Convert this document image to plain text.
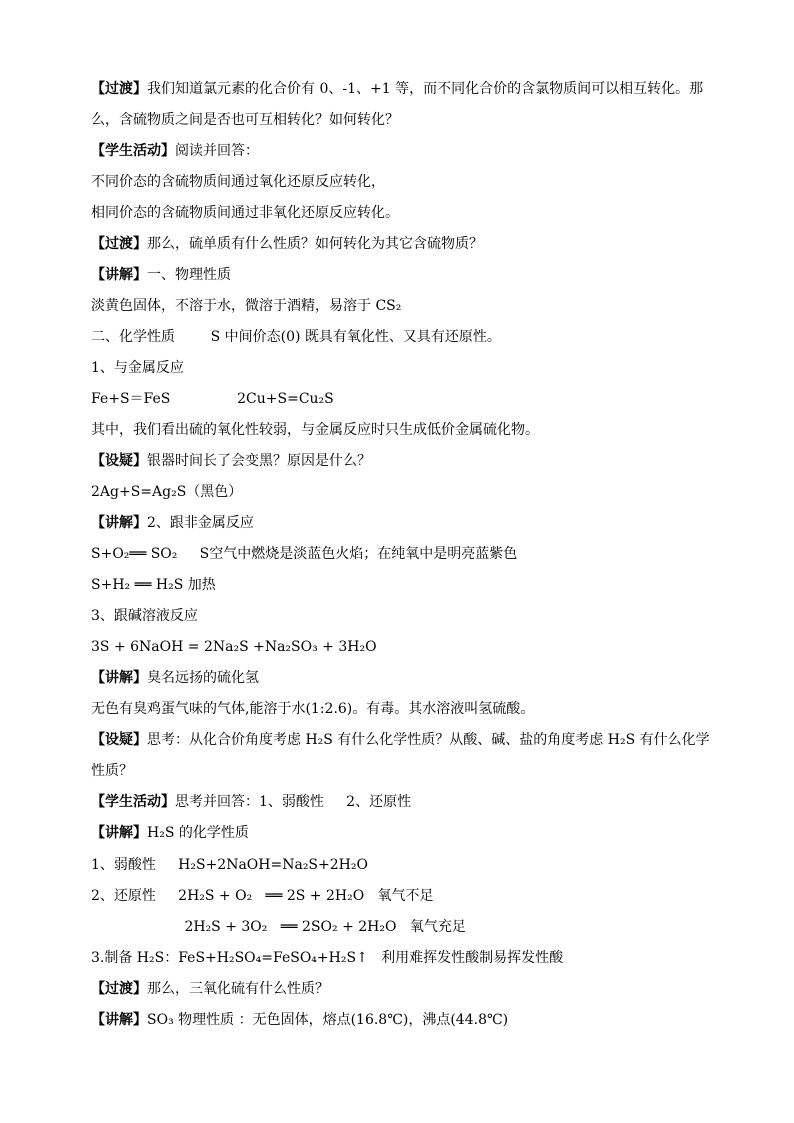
【过渡】我们知道氯元素的化合价有 0、-1、+1 等，而不同化合价的含氯物质间可以相互转化。那
么，含硫物质之间是否也可互相转化？如何转化？
【学生活动】阅读并回答：
不同价态的含硫物质间通过氧化还原反应转化，
相同价态的含硫物质间通过非氧化还原反应转化。
【过渡】那么，硫单质有什么性质？如何转化为其它含硫物质？
【讲解】一、物理性质
淡黄色固体，不溶于水，微溶于酒精，易溶于 CS₂
二、化学性质        S 中间价态(0) 既具有氧化性、又具有还原性。
1、与金属反应
Fe+S＝FeS               2Cu+S=Cu₂S
其中，我们看出硫的氧化性较弱，与金属反应时只生成低价金属硫化物。
【设疑】银器时间长了会变黑？原因是什么？
2Ag+S=Ag₂S（黑色）
【讲解】2、跟非金属反应
S+O₂══ SO₂     S空气中燃烧是淡蓝色火焰；在纯氧中是明亮蓝紫色
S+H₂ ══ H₂S 加热
3、跟碱溶液反应
3S + 6NaOH = 2Na₂S +Na₂SO₃ + 3H₂O
【讲解】臭名远扬的硫化氢
无色有臭鸡蛋气味的气体,能溶于水(1:2.6)。有毒。其水溶液叫氢硫酸。
【设疑】思考：从化合价角度考虑 H₂S 有什么化学性质？从酸、碱、盐的角度考虑 H₂S 有什么化学
性质？
【学生活动】思考并回答：1、弱酸性     2、还原性
【讲解】H₂S 的化学性质
1、弱酸性     H₂S+2NaOH=Na₂S+2H₂O
2、还原性     2H₂S + O₂   ══ 2S + 2H₂O   氧气不足
2H₂S + 3O₂   ══ 2SO₂ + 2H₂O   氧气充足
3.制备 H₂S：FeS+H₂SO₄=FeSO₄+H₂S↑   利用难挥发性酸制易挥发性酸
【过渡】那么，三氧化硫有什么性质？
【讲解】SO₃ 物理性质 ：无色固体，熔点(16.8℃)，沸点(44.8℃)
